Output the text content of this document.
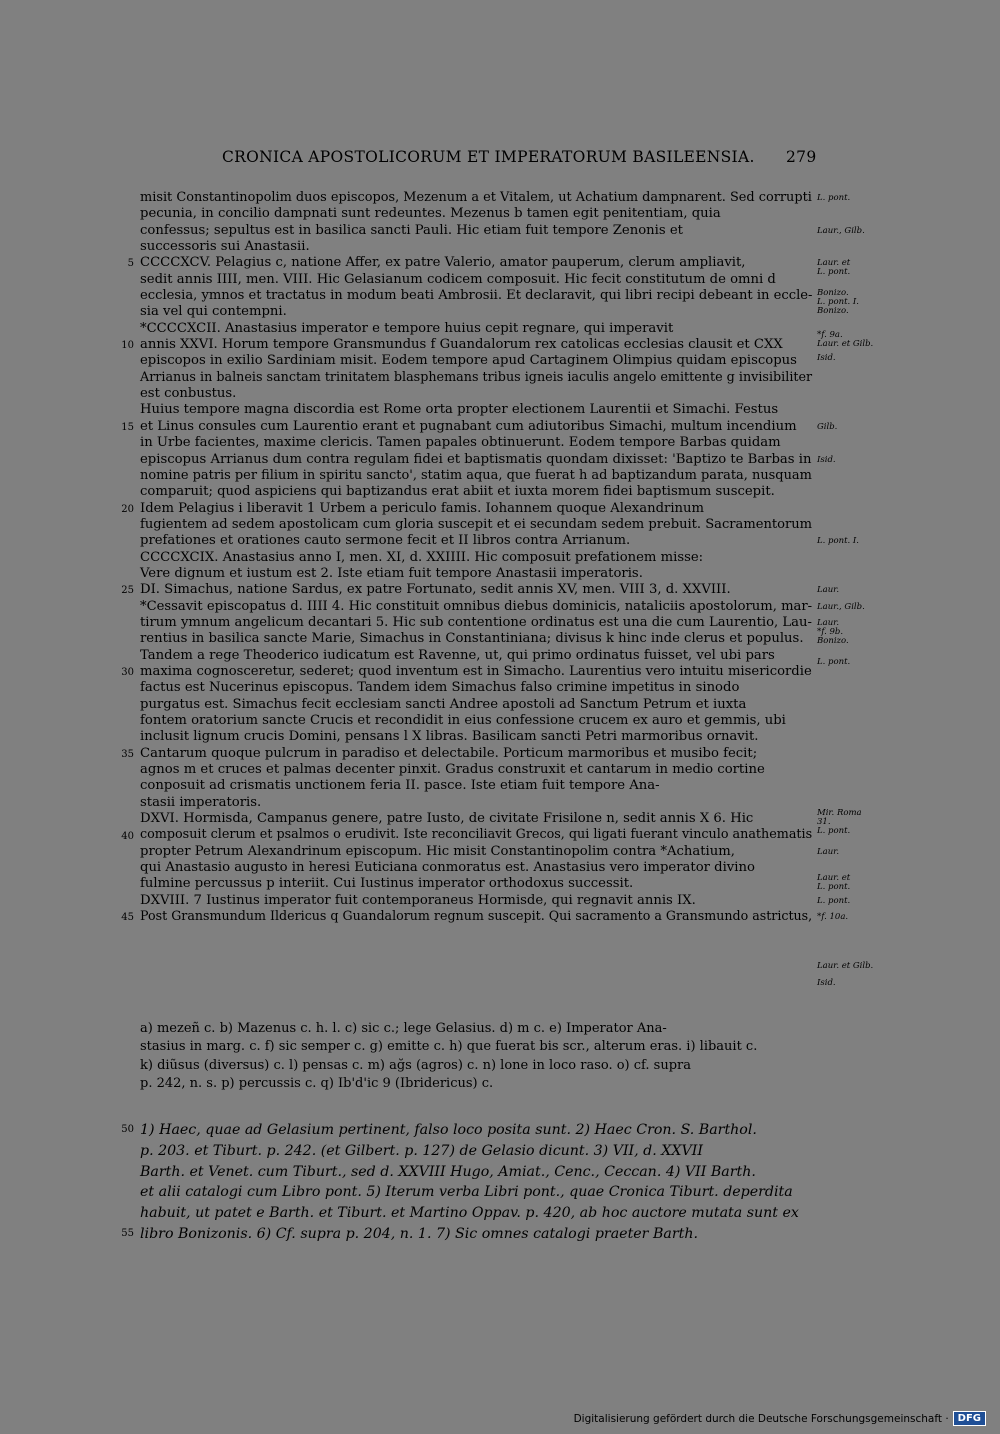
CRONICA APOSTOLICORUM ET IMPERATORUM BASILEENSIA. 279
misit Constantinopolim duos episcopos, Mezenum a et Vitalem, ut Achatium dampnarent. Sed corrupti
pecunia, in concilio dampnati sunt redeuntes. Mezenus b tamen egit penitentiam, quia
confessus; sepultus est in basilica sancti Pauli. Hic etiam fuit tempore Zenonis et
successoris sui Anastasii.
CCCCXCV. Pelagius c, natione Affer, ex patre Valerio, amator pauperum, clerum ampliavit,
sedit annis IIII, men. VIII. Hic Gelasianum codicem composuit. Hic fecit constitutum de omni d
ecclesia, ymnos et tractatus in modum beati Ambrosii. Et declaravit, qui libri recipi debeant in eccle-
sia vel qui contempni.
*CCCCXCII. Anastasius imperator e tempore huius cepit regnare, qui imperavit
annis XXVI. Horum tempore Gransmundus f Guandalorum rex catolicas ecclesias clausit et CXX
episcopos in exilio Sardiniam misit. Eodem tempore apud Cartaginem Olimpius quidam episcopus
Arrianus in balneis sanctam trinitatem blasphemans tribus igneis iaculis angelo emittente g invisibiliter
est conbustus.
Huius tempore magna discordia est Rome orta propter electionem Laurentii et Simachi. Festus
et Linus consules cum Laurentio erant et pugnabant cum adiutoribus Simachi, multum incendium
in Urbe facientes, maxime clericis. Tamen papales obtinuerunt. Eodem tempore Barbas quidam
episcopus Arrianus dum contra regulam fidei et baptismatis quondam dixisset: 'Baptizo te Barbas in
nomine patris per filium in spiritu sancto', statim aqua, que fuerat h ad baptizandum parata, nusquam
comparuit; quod aspiciens qui baptizandus erat abiit et iuxta morem fidei baptismum suscepit.
Idem Pelagius i liberavit 1 Urbem a periculo famis. Iohannem quoque Alexandrinum
fugientem ad sedem apostolicam cum gloria suscepit et ei secundam sedem prebuit. Sacramentorum
prefationes et orationes cauto sermone fecit et II libros contra Arrianum.
CCCCXCIX. Anastasius anno I, men. XI, d. XXIIII. Hic composuit prefationem misse:
Vere dignum et iustum est 2. Iste etiam fuit tempore Anastasii imperatoris.
DI. Simachus, natione Sardus, ex patre Fortunato, sedit annis XV, men. VIII 3, d. XXVIII.
*Cessavit episcopatus d. IIII 4. Hic constituit omnibus diebus dominicis, nataliciis apostolorum, mar-
tirum ymnum angelicum decantari 5. Hic sub contentione ordinatus est una die cum Laurentio, Lau-
rentius in basilica sancte Marie, Simachus in Constantiniana; divisus k hinc inde clerus et populus.
Tandem a rege Theoderico iudicatum est Ravenne, ut, qui primo ordinatus fuisset, vel ubi pars
maxima cognosceretur, sederet; quod inventum est in Simacho. Laurentius vero intuitu misericordie
factus est Nucerinus episcopus. Tandem idem Simachus falso crimine impetitus in sinodo
purgatus est. Simachus fecit ecclesiam sancti Andree apostoli ad Sanctum Petrum et iuxta
fontem oratorium sancte Crucis et recondidit in eius confessione crucem ex auro et gemmis, ubi
inclusit lignum crucis Domini, pensans l X libras. Basilicam sancti Petri marmoribus ornavit.
Cantarum quoque pulcrum in paradiso et delectabile. Porticum marmoribus et musibo fecit;
agnos m et cruces et palmas decenter pinxit. Gradus construxit et cantarum in medio cortine
conposuit ad crismatis unctionem feria II. pasce. Iste etiam fuit tempore Ana-
stasii imperatoris.
DXVI. Hormisda, Campanus genere, patre Iusto, de civitate Frisilone n, sedit annis X 6. Hic
composuit clerum et psalmos o erudivit. Iste reconciliavit Grecos, qui ligati fuerant vinculo anathematis
propter Petrum Alexandrinum episcopum. Hic misit Constantinopolim contra *Achatium,
qui Anastasio augusto in heresi Euticiana conmoratus est. Anastasius vero imperator divino
fulmine percussus p interiit. Cui Iustinus imperator orthodoxus successit.
DXVIII. 7 Iustinus imperator fuit contemporaneus Hormisde, qui regnavit annis IX.
Post Gransmundum Ildericus q Guandalorum regnum suscepit. Qui sacramento a Gransmundo astrictus,
L. pont.
Laur., Gilb.
Laur. et
L. pont.
Bonizo.
L. pont. I.
Bonizo.
*f. 9a.
Laur. et Gilb.
Isid.
Gilb.
Isid.
L. pont. I.
Laur.
Laur., Gilb.
Laur.
*f. 9b.
Bonizo.
L. pont.
Mir. Roma
31.
L. pont.
Laur.
Laur. et
L. pont.
L. pont.
*f. 10a.
Laur. et Gilb.
Isid.
a) mezeñ c. b) Mazenus c. h. l. c) sic c.; lege Gelasius. d) m c. e) Imperator Ana-
stasius in marg. c. f) sic semper c. g) emitte c. h) que fuerat bis scr., alterum eras. i) libauit c.
k) diũsus (diversus) c. l) pensas c. m) ağs (agros) c. n) lone in loco raso. o) cf. supra
p. 242, n. s. p) percussis c. q) Ib'd'ic 9 (Ibridericus) c.
1) Haec, quae ad Gelasium pertinent, falso loco posita sunt. 2) Haec Cron. S. Barthol.
p. 203. et Tiburt. p. 242. (et Gilbert. p. 127) de Gelasio dicunt. 3) VII, d. XXVII
Barth. et Venet. cum Tiburt., sed d. XXVIII Hugo, Amiat., Cenc., Ceccan. 4) VII Barth.
et alii catalogi cum Libro pont. 5) Iterum verba Libri pont., quae Cronica Tiburt. deperdita
habuit, ut patet e Barth. et Tiburt. et Martino Oppav. p. 420, ab hoc auctore mutata sunt ex
libro Bonizonis. 6) Cf. supra p. 204, n. 1. 7) Sic omnes catalogi praeter Barth.
Digitalisierung gefördert durch die Deutsche Forschungsgemeinschaft · DFG
5
10
15
20
25
30
35
40
45
50
55
